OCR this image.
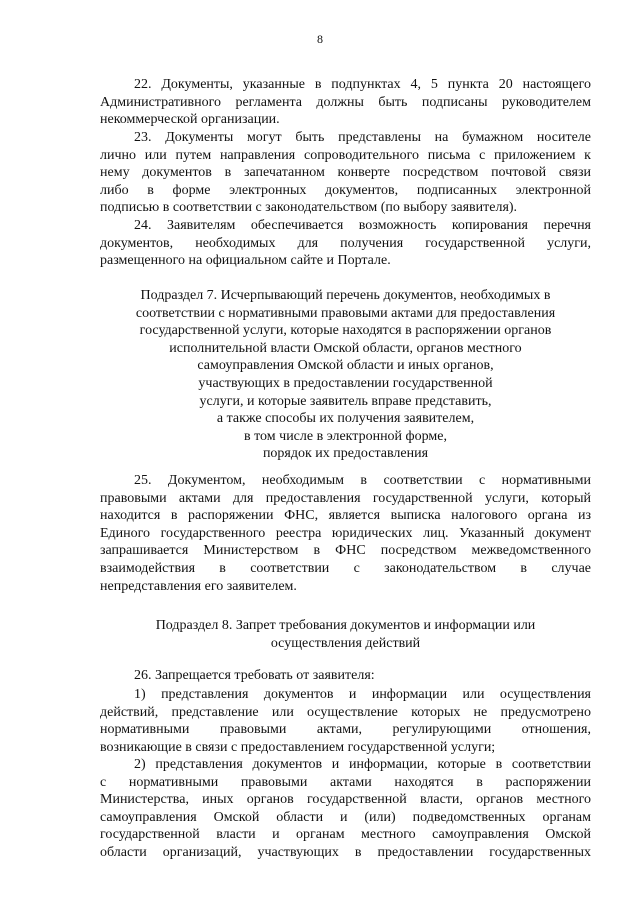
8
22. Документы, указанные в подпунктах 4, 5 пункта 20 настоящего
Административного регламента должны быть подписаны руководителем
некоммерческой организации.
23. Документы могут быть представлены на бумажном носителе
лично или путем направления сопроводительного письма с приложением к
нему документов в запечатанном конверте посредством почтовой связи
либо в форме электронных документов, подписанных электронной
подписью в соответствии с законодательством (по выбору заявителя).
24. Заявителям обеспечивается возможность копирования перечня
документов, необходимых для получения государственной услуги,
размещенного на официальном сайте и Портале.
Подраздел 7. Исчерпывающий перечень документов, необходимых в
соответствии с нормативными правовыми актами для предоставления
государственной услуги, которые находятся в распоряжении органов
исполнительной власти Омской области, органов местного
самоуправления Омской области и иных органов,
участвующих в предоставлении государственной
услуги, и которые заявитель вправе представить,
а также способы их получения заявителем,
в том числе в электронной форме,
порядок их предоставления
25. Документом, необходимым в соответствии с нормативными
правовыми актами для предоставления государственной услуги, который
находится в распоряжении ФНС, является выписка налогового органа из
Единого государственного реестра юридических лиц. Указанный документ
запрашивается Министерством в ФНС посредством межведомственного
взаимодействия в соответствии с законодательством в случае
непредставления его заявителем.
Подраздел 8. Запрет требования документов и информации или
осуществления действий
26. Запрещается требовать от заявителя:
1) представления документов и информации или осуществления
действий, представление или осуществление которых не предусмотрено
нормативными правовыми актами, регулирующими отношения,
возникающие в связи с предоставлением государственной услуги;
2) представления документов и информации, которые в соответствии
с нормативными правовыми актами находятся в распоряжении
Министерства, иных органов государственной власти, органов местного
самоуправления Омской области и (или) подведомственных органам
государственной власти и органам местного самоуправления Омской
области организаций, участвующих в предоставлении государственных
